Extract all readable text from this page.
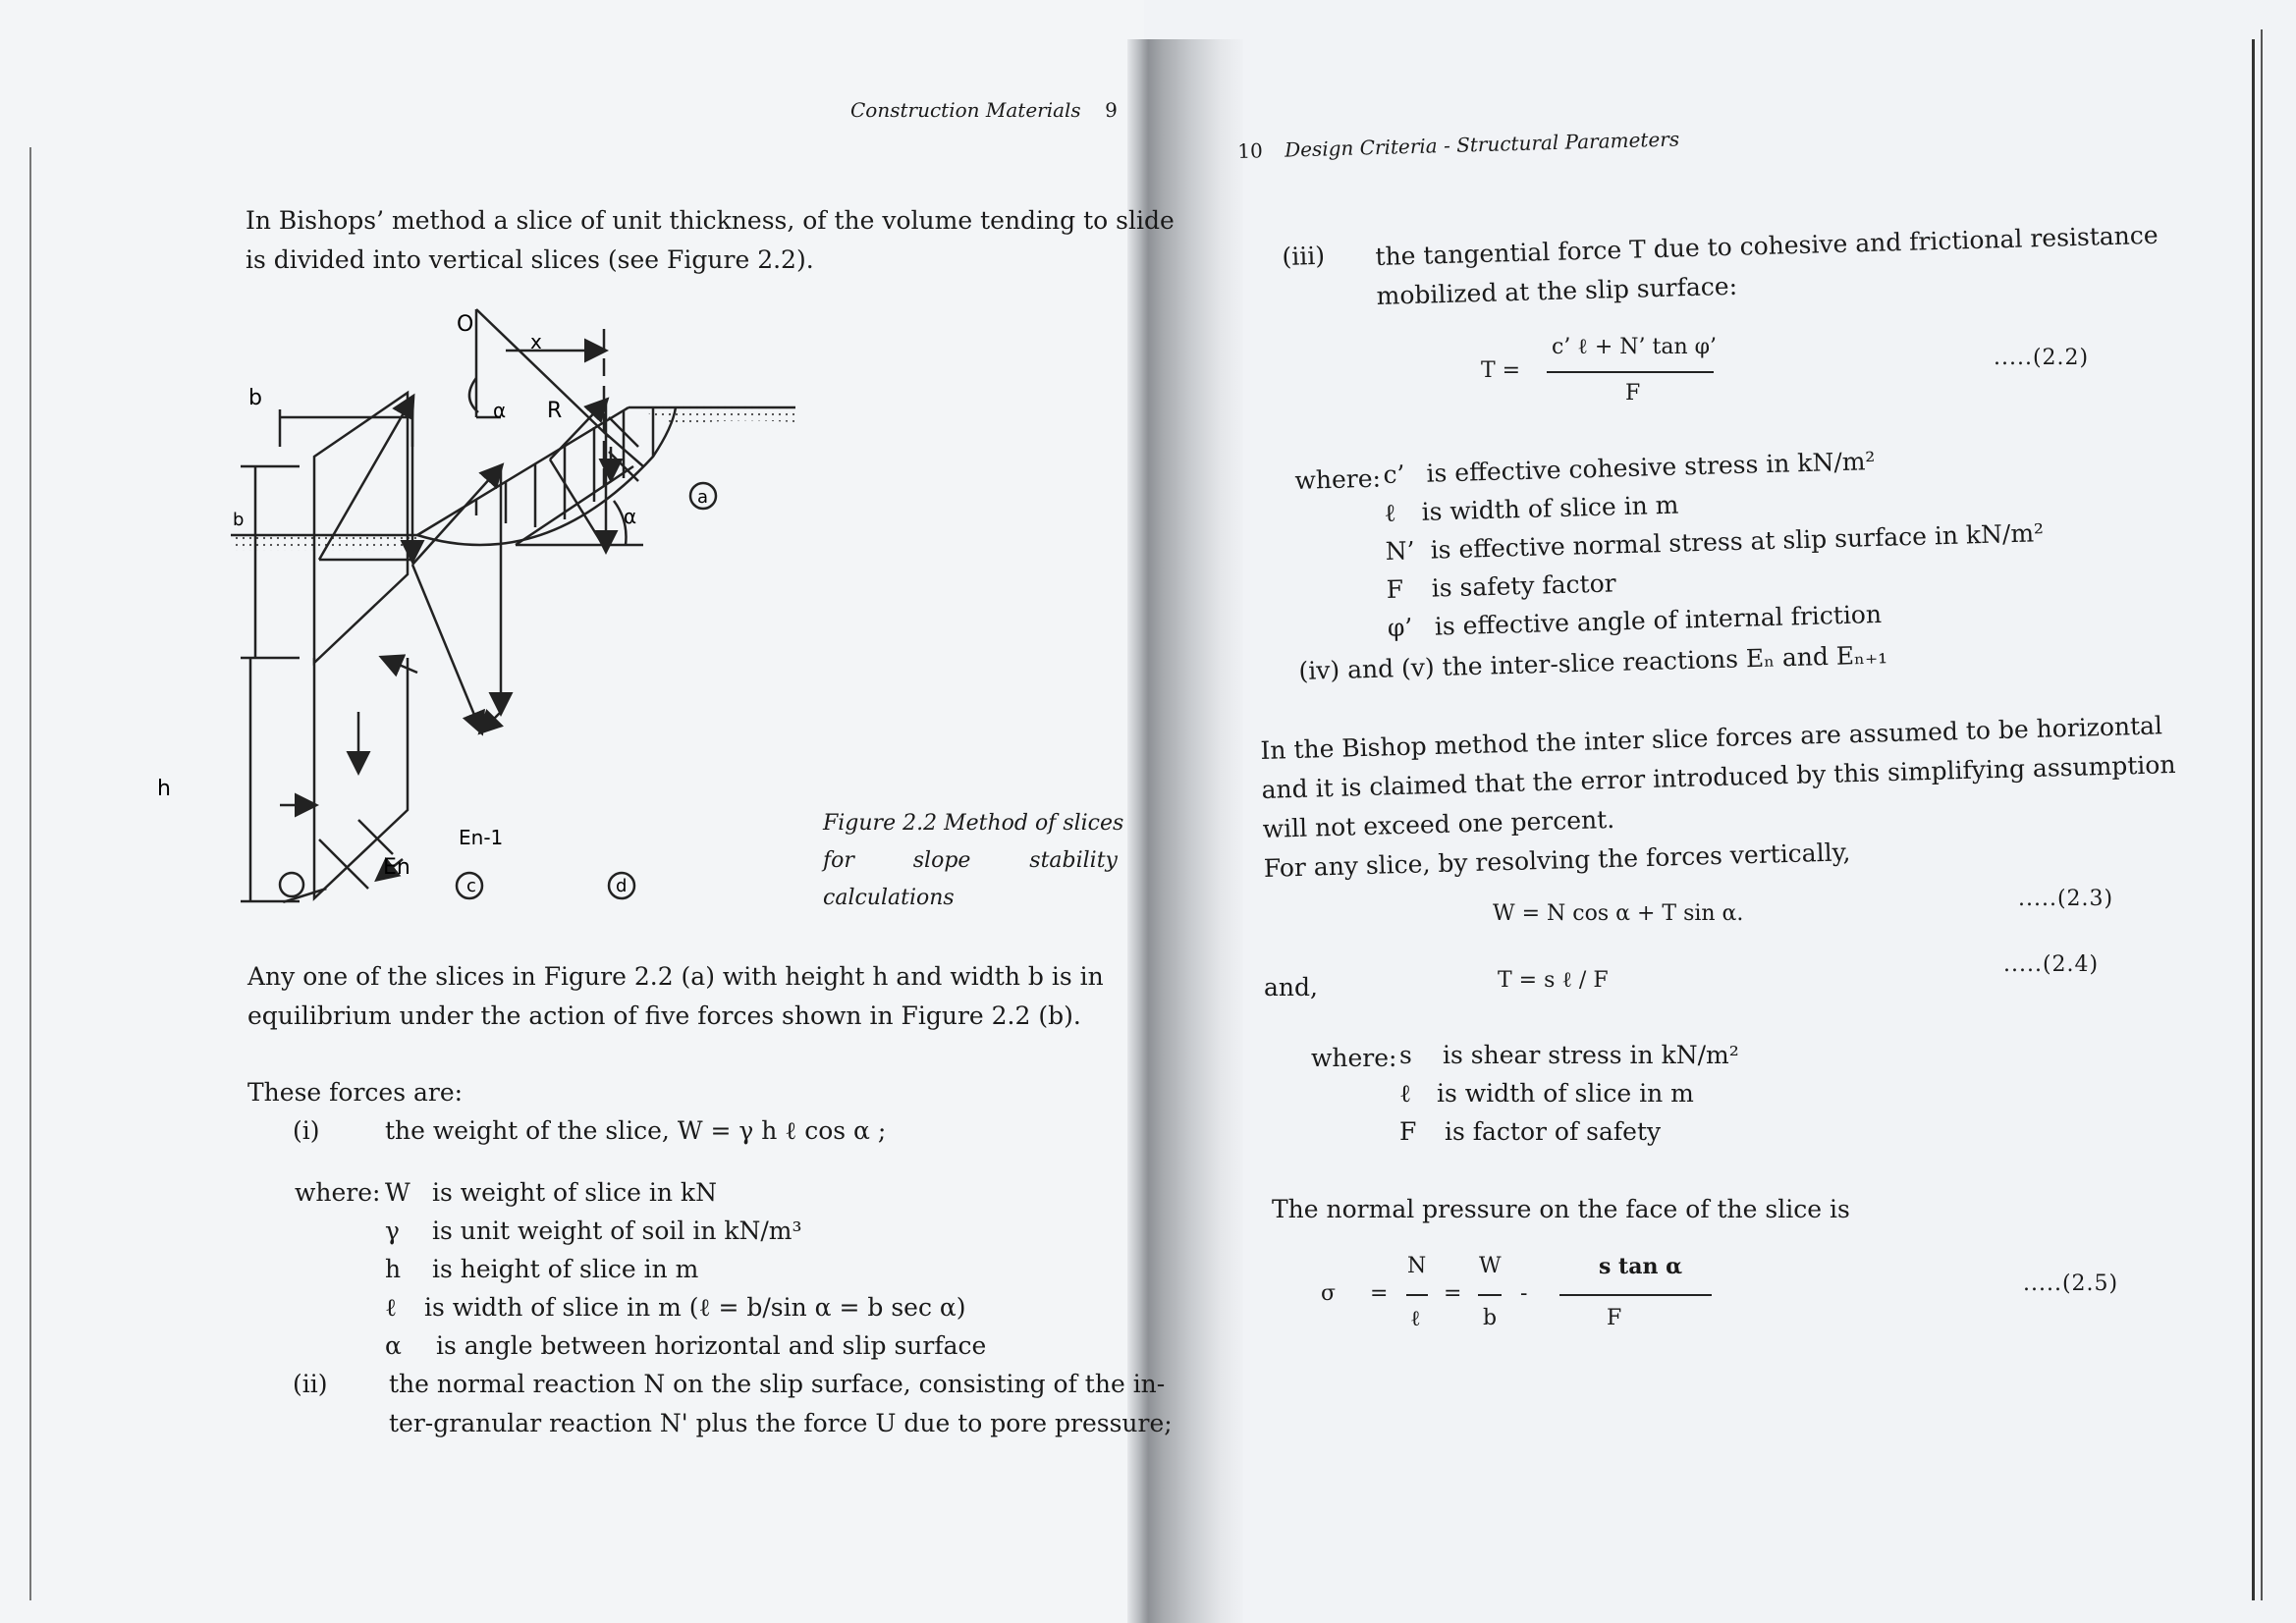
Construction Materials 9
In Bishops’ method a slice of unit thickness, of the volume tending to slide
is divided into vertical slices (see Figure 2.2).
O
x
R
α
α
a
b
b
h
c	d
En
En-1
Figure 2.2 Method of slices
for	slope	stability
calculations
Any one of the slices in Figure 2.2 (a) with height h and width b is in
equilibrium under the action of five forces shown in Figure 2.2 (b).
These forces are:
(i)	the weight of the slice, W = γ h ℓ cos α ;
where: W is weight of slice in kN
γ is unit weight of soil in kN/m³
h is height of slice in m
ℓ is width of slice in m (ℓ = b/sin α = b sec α)
α is angle between horizontal and slip surface
(ii)	the normal reaction N on the slip surface, consisting of the in-
ter-granular reaction N' plus the force U due to pore pressure;
10 Design Criteria - Structural Parameters
(iii) the tangential force T due to cohesive and frictional resistance
mobilized at the slip surface:
T =
c’ ℓ + N’ tan φ’
F
.....(2.2)
where: c’ is effective cohesive stress in kN/m²
ℓ is width of slice in m
N’ is effective normal stress at slip surface in kN/m²
F is safety factor
φ’ is effective angle of internal friction
(iv) and (v) the inter-slice reactions Eₙ and Eₙ₊₁
In the Bishop method the inter slice forces are assumed to be horizontal
and it is claimed that the error introduced by this simplifying assumption
will not exceed one percent.
For any slice, by resolving the forces vertically,
W = N cos α + T sin α.
.....(2.3)
and,	T = s ℓ / F
.....(2.4)
where: s is shear stress in kN/m²
ℓ is width of slice in m
F is factor of safety
The normal pressure on the face of the slice is
σ =
N
ℓ
=
W
b
-
s tan α
F
.....(2.5)
